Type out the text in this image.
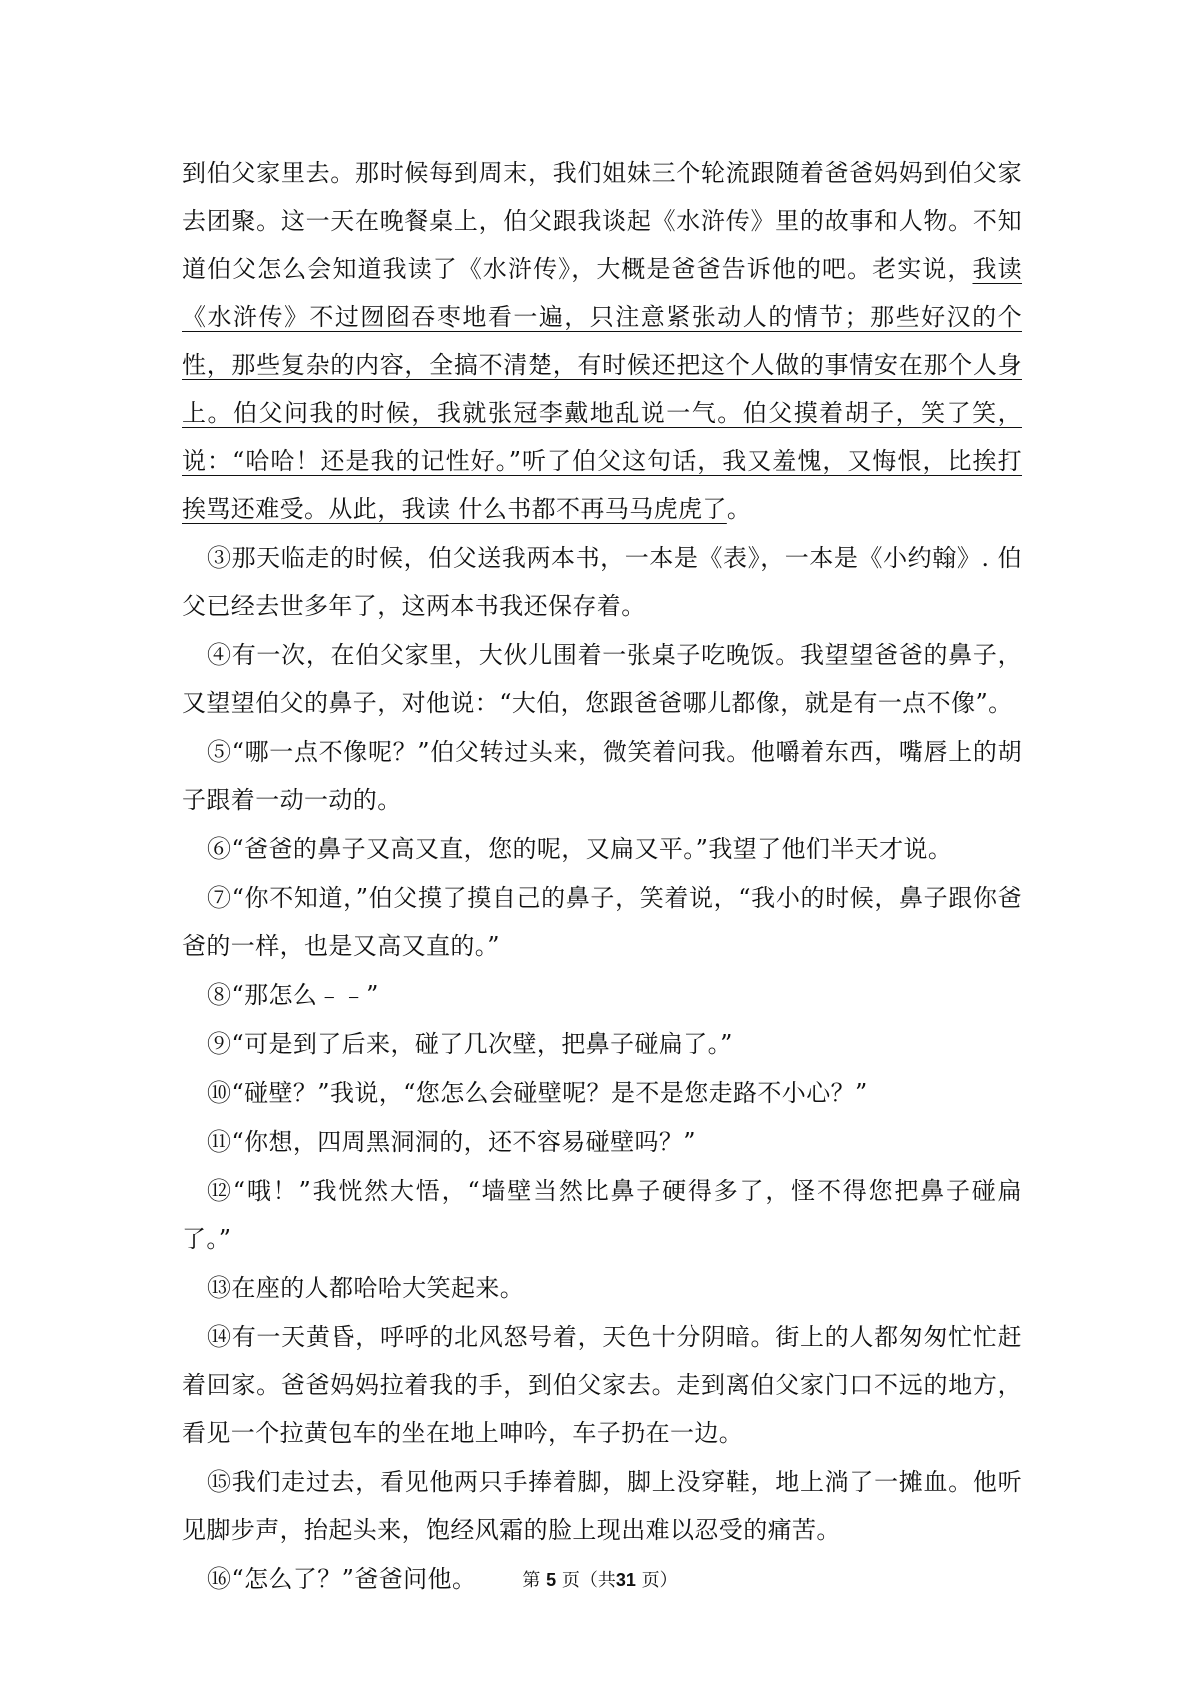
到伯父家里去。那时候每到周末，我们姐妹三个轮流跟随着爸爸妈妈到伯父家去团聚。这一天在晚餐桌上，伯父跟我谈起《水浒传》里的故事和人物。不知道伯父怎么会知道我读了《水浒传》，大概是爸爸告诉他的吧。老实说，我读《水浒传》不过囫囵吞枣地看一遍，只注意紧张动人的情节；那些好汉的个性，那些复杂的内容，全搞不清楚，有时候还把这个人做的事情安在那个人身上。伯父问我的时候，我就张冠李戴地乱说一气。伯父摸着胡子，笑了笑，说：“哈哈！还是我的记性好。”听了伯父这句话，我又羞愧，又悔恨，比挨打挨骂还难受。从此，我读 什么书都不再马马虎虎了。

③那天临走的时候，伯父送我两本书，一本是《表》，一本是《小约翰》. 伯父已经去世多年了，这两本书我还保存着。

④有一次，在伯父家里，大伙儿围着一张桌子吃晚饭。我望望爸爸的鼻子，又望望伯父的鼻子，对他说：“大伯，您跟爸爸哪儿都像，就是有一点不像”。

⑤“哪一点不像呢？”伯父转过头来，微笑着问我。他嚼着东西，嘴唇上的胡子跟着一动一动的。

⑥“爸爸的鼻子又高又直，您的呢，又扁又平。”我望了他们半天才说。

⑦“你不知道，”伯父摸了摸自己的鼻子，笑着说，“我小的时候，鼻子跟你爸爸的一样，也是又高又直的。”

⑧“那怎么﹣﹣”

⑨“可是到了后来，碰了几次壁，把鼻子碰扁了。”

⑩“碰壁？”我说，“您怎么会碰壁呢？是不是您走路不小心？”

⑪“你想，四周黑洞洞的，还不容易碰壁吗？”

⑫“哦！”我恍然大悟，“墙壁当然比鼻子硬得多了，怪不得您把鼻子碰扁了。”

⑬在座的人都哈哈大笑起来。

⑭有一天黄昏，呼呼的北风怒号着，天色十分阴暗。街上的人都匆匆忙忙赶着回家。爸爸妈妈拉着我的手，到伯父家去。走到离伯父家门口不远的地方，看见一个拉黄包车的坐在地上呻吟，车子扔在一边。

⑮我们走过去，看见他两只手捧着脚，脚上没穿鞋，地上淌了一摊血。他听见脚步声，抬起头来，饱经风霜的脸上现出难以忍受的痛苦。

⑯“怎么了？”爸爸问他。	第 5 页（共31 页）
